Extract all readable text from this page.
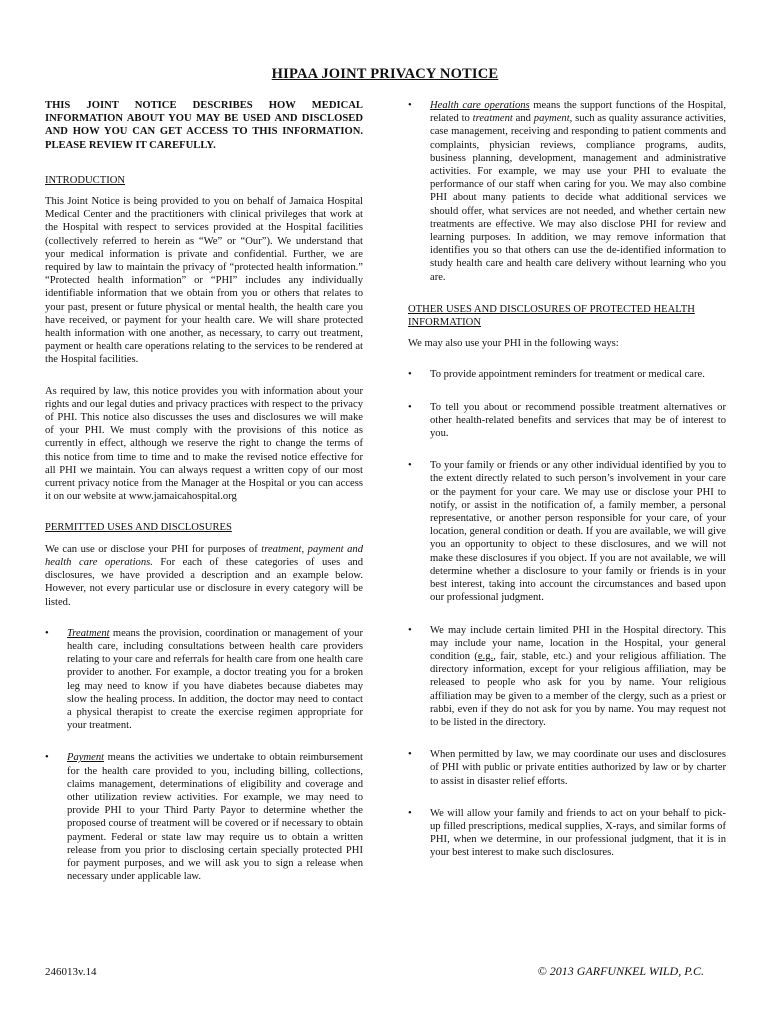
HIPAA JOINT PRIVACY NOTICE

THIS JOINT NOTICE DESCRIBES HOW MEDICAL INFORMATION ABOUT YOU MAY BE USED AND DISCLOSED AND HOW YOU CAN GET ACCESS TO THIS INFORMATION. PLEASE REVIEW IT CAREFULLY.

INTRODUCTION

This Joint Notice is being provided to you on behalf of Jamaica Hospital Medical Center and the practitioners with clinical privileges that work at the Hospital with respect to services provided at the Hospital facilities (collectively referred to herein as “We” or “Our”). We understand that your medical information is private and confidential. Further, we are required by law to maintain the privacy of “protected health information.” “Protected health information” or “PHI” includes any individually identifiable information that we obtain from you or others that relates to your past, present or future physical or mental health, the health care you have received, or payment for your health care. We will share protected health information with one another, as necessary, to carry out treatment, payment or health care operations relating to the services to be rendered at the Hospital facilities.

As required by law, this notice provides you with information about your rights and our legal duties and privacy practices with respect to the privacy of PHI. This notice also discusses the uses and disclosures we will make of your PHI. We must comply with the provisions of this notice as currently in effect, although we reserve the right to change the terms of this notice from time to time and to make the revised notice effective for all PHI we maintain. You can always request a written copy of our most current privacy notice from the Manager at the Hospital or you can access it on our website at www.jamaicahospital.org

PERMITTED USES AND DISCLOSURES

We can use or disclose your PHI for purposes of treatment, payment and health care operations. For each of these categories of uses and disclosures, we have provided a description and an example below. However, not every particular use or disclosure in every category will be listed.

• Treatment means the provision, coordination or management of your health care, including consultations between health care providers relating to your care and referrals for health care from one health care provider to another. For example, a doctor treating you for a broken leg may need to know if you have diabetes because diabetes may slow the healing process. In addition, the doctor may need to contact a physical therapist to create the exercise regimen appropriate for your treatment.
• Payment means the activities we undertake to obtain reimbursement for the health care provided to you, including billing, collections, claims management, determinations of eligibility and coverage and other utilization review activities. For example, we may need to provide PHI to your Third Party Payor to determine whether the proposed course of treatment will be covered or if necessary to obtain payment. Federal or state law may require us to obtain a written release from you prior to disclosing certain specially protected PHI for payment purposes, and we will ask you to sign a release when necessary under applicable law.
• Health care operations means the support functions of the Hospital, related to treatment and payment, such as quality assurance activities, case management, receiving and responding to patient comments and complaints, physician reviews, compliance programs, audits, business planning, development, management and administrative activities. For example, we may use your PHI to evaluate the performance of our staff when caring for you. We may also combine PHI about many patients to decide what additional services we should offer, what services are not needed, and whether certain new treatments are effective. We may also disclose PHI for review and learning purposes. In addition, we may remove information that identifies you so that others can use the de-identified information to study health care and health care delivery without learning who you are.

OTHER USES AND DISCLOSURES OF PROTECTED HEALTH INFORMATION

We may also use your PHI in the following ways:

• To provide appointment reminders for treatment or medical care.
• To tell you about or recommend possible treatment alternatives or other health-related benefits and services that may be of interest to you.
• To your family or friends or any other individual identified by you to the extent directly related to such person’s involvement in your care or the payment for your care. We may use or disclose your PHI to notify, or assist in the notification of, a family member, a personal representative, or another person responsible for your care, of your location, general condition or death. If you are available, we will give you an opportunity to object to these disclosures, and we will not make these disclosures if you object. If you are not available, we will determine whether a disclosure to your family or friends is in your best interest, taking into account the circumstances and based upon our professional judgment.
• We may include certain limited PHI in the Hospital directory. This may include your name, location in the Hospital, your general condition (e.g., fair, stable, etc.) and your religious affiliation. The directory information, except for your religious affiliation, may be released to people who ask for you by name. Your religious affiliation may be given to a member of the clergy, such as a priest or rabbi, even if they do not ask for you by name. You may request not to be listed in the directory.
• When permitted by law, we may coordinate our uses and disclosures of PHI with public or private entities authorized by law or by charter to assist in disaster relief efforts.
• We will allow your family and friends to act on your behalf to pick-up filled prescriptions, medical supplies, X-rays, and similar forms of PHI, when we determine, in our professional judgment, that it is in your best interest to make such disclosures.
246013v.14	© 2013 GARFUNKEL WILD, P.C.
